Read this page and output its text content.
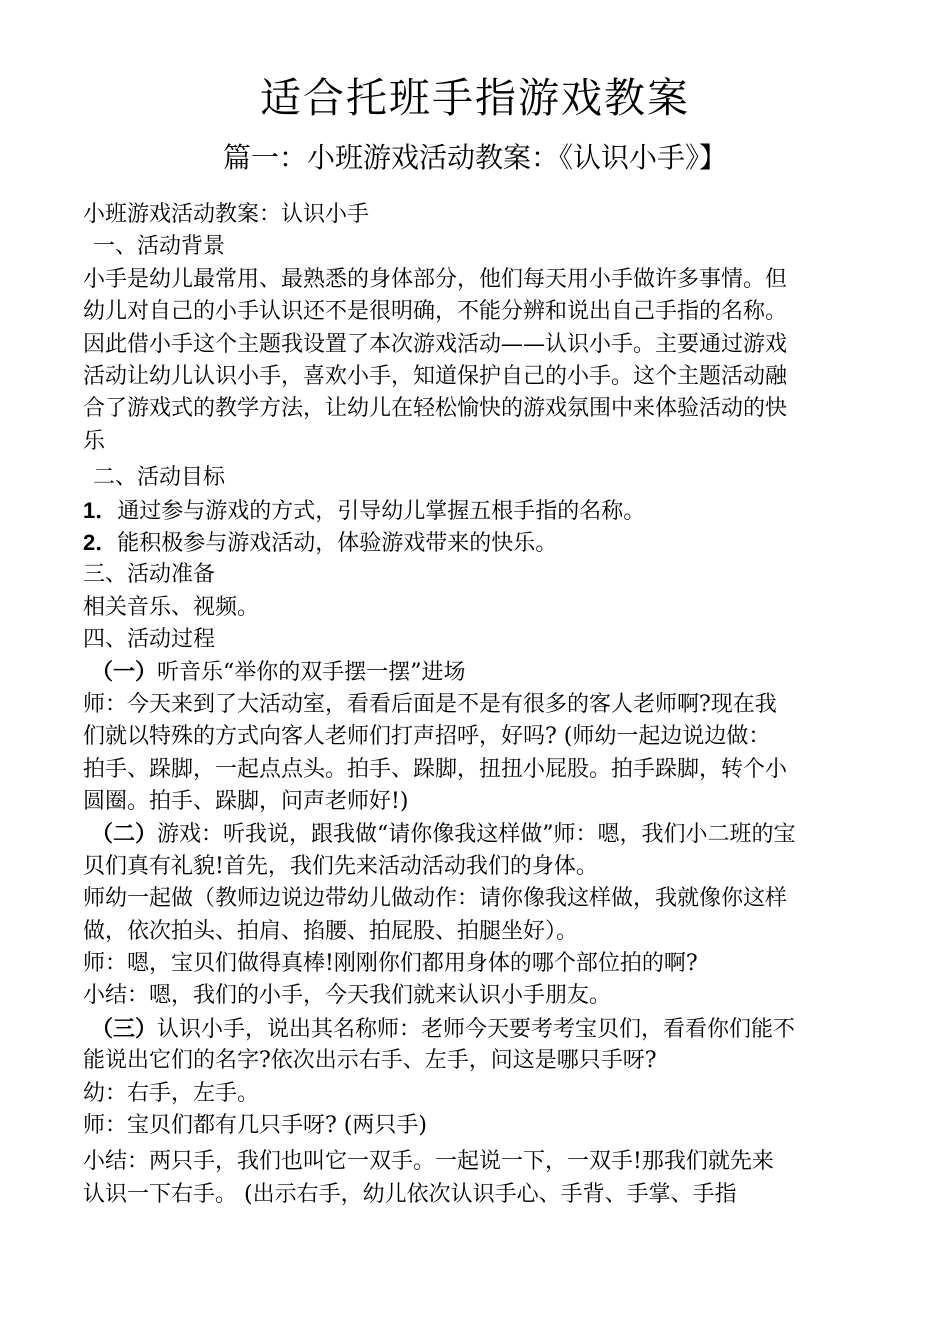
适合托班手指游戏教案
篇一：小班游戏活动教案：《认识小手》】
小班游戏活动教案：认识小手
一、活动背景
小手是幼儿最常用、最熟悉的身体部分，他们每天用小手做许多事情。但
幼儿对自己的小手认识还不是很明确，不能分辨和说出自己手指的名称。
因此借小手这个主题我设置了本次游戏活动——认识小手。主要通过游戏
活动让幼儿认识小手，喜欢小手，知道保护自己的小手。这个主题活动融
合了游戏式的教学方法，让幼儿在轻松愉快的游戏氛围中来体验活动的快
乐
二、活动目标
1．通过参与游戏的方式，引导幼儿掌握五根手指的名称。
2．能积极参与游戏活动，体验游戏带来的快乐。
三、活动准备
相关音乐、视频。
四、活动过程
（一）听音乐“举你的双手摆一摆”进场
师：今天来到了大活动室，看看后面是不是有很多的客人老师啊?现在我
们就以特殊的方式向客人老师们打声招呼，好吗? (师幼一起边说边做：
拍手、跺脚，一起点点头。拍手、跺脚，扭扭小屁股。拍手跺脚，转个小
圆圈。拍手、跺脚，问声老师好!)
（二）游戏：听我说，跟我做“请你像我这样做”师：嗯，我们小二班的宝
贝们真有礼貌!首先，我们先来活动活动我们的身体。
师幼一起做（教师边说边带幼儿做动作：请你像我这样做，我就像你这样
做，依次拍头、拍肩、掐腰、拍屁股、拍腿坐好）。
师：嗯，宝贝们做得真棒!刚刚你们都用身体的哪个部位拍的啊?
小结：嗯，我们的小手，今天我们就来认识小手朋友。
（三）认识小手，说出其名称师：老师今天要考考宝贝们，看看你们能不
能说出它们的名字?依次出示右手、左手，问这是哪只手呀?
幼：右手，左手。
师：宝贝们都有几只手呀? (两只手)
小结：两只手，我们也叫它一双手。一起说一下，一双手!那我们就先来
认识一下右手。 (出示右手，幼儿依次认识手心、手背、手掌、手指
